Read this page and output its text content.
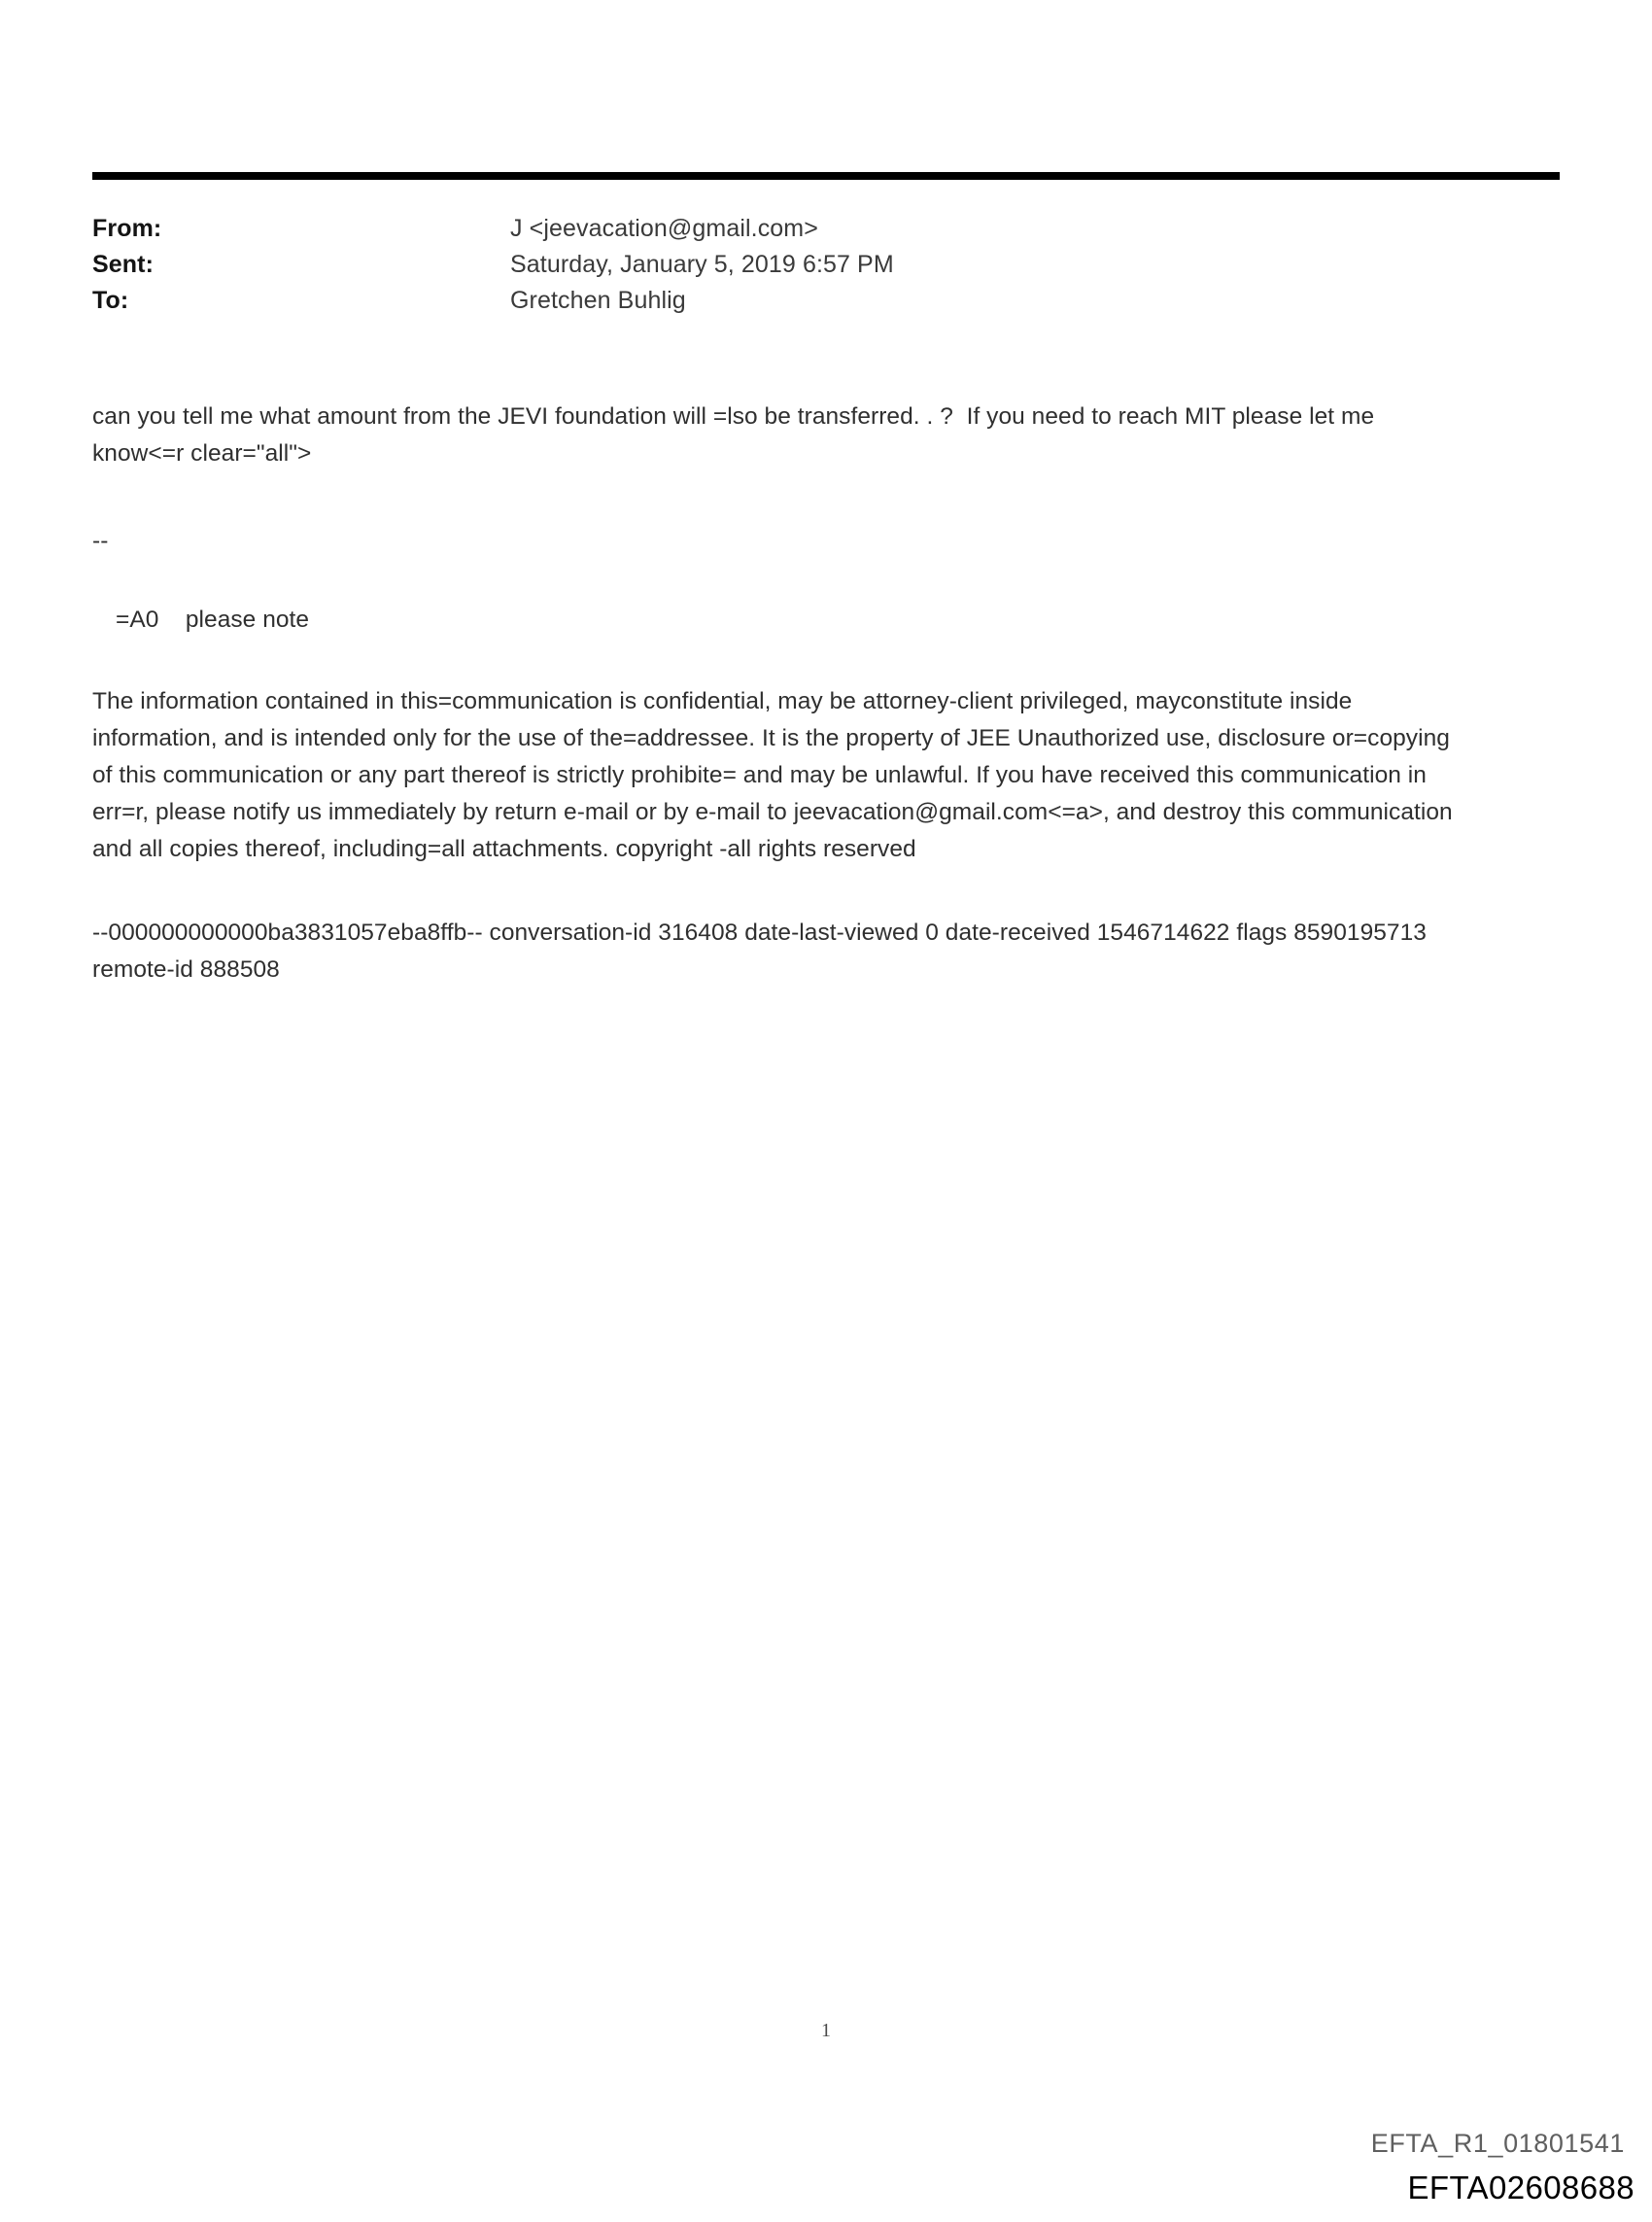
From:	J <jeevacation@gmail.com>
Sent:	Saturday, January 5, 2019 6:57 PM
To:	Gretchen Buhlig

can you tell me what amount from the JEVI foundation will =lso be transferred. . ?  If you need to reach MIT please let me know<=r clear="all">

--

=A0    please note

The information contained in this=communication is confidential, may be attorney-client privileged, mayconstitute inside information, and is intended only for the use of the=addressee. It is the property of JEE Unauthorized use, disclosure or=copying of this communication or any part thereof is strictly prohibite= and may be unlawful. If you have received this communication in err=r, please notify us immediately by return e-mail or by e-mail to jeevacation@gmail.com<=a>, and destroy this communication and all copies thereof, including=all attachments. copyright -all rights reserved

--000000000000ba3831057eba8ffb-- conversation-id 316408 date-last-viewed 0 date-received 1546714622 flags 8590195713 remote-id 888508

1
EFTA_R1_01801541
EFTA02608688
